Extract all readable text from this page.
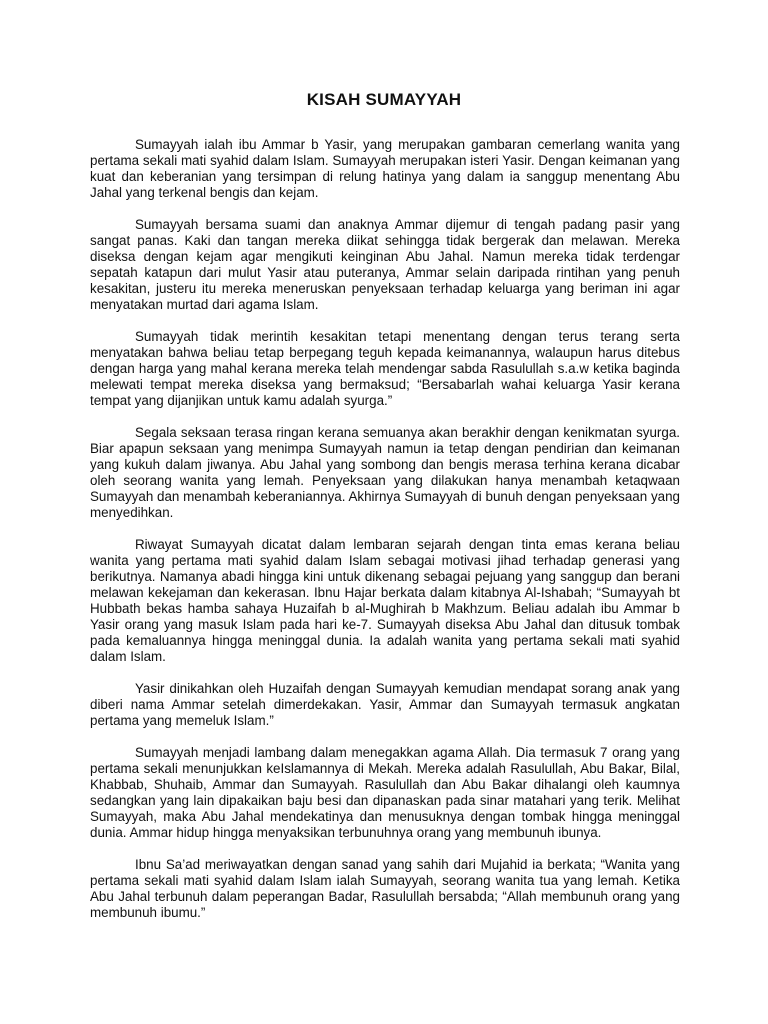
KISAH SUMAYYAH

Sumayyah ialah ibu Ammar b Yasir, yang merupakan gambaran cemerlang wanita yang pertama sekali mati syahid dalam Islam. Sumayyah merupakan isteri Yasir. Dengan keimanan yang kuat dan keberanian yang tersimpan di relung hatinya yang dalam ia sanggup menentang Abu Jahal yang terkenal bengis dan kejam.

Sumayyah bersama suami dan anaknya Ammar dijemur di tengah padang pasir yang sangat panas. Kaki dan tangan mereka diikat sehingga tidak bergerak dan melawan. Mereka diseksa dengan kejam agar mengikuti keinginan Abu Jahal. Namun mereka tidak terdengar sepatah katapun dari mulut Yasir atau puteranya, Ammar selain daripada rintihan yang penuh kesakitan, justeru itu mereka meneruskan penyeksaan terhadap keluarga yang beriman ini agar menyatakan murtad dari agama Islam.

Sumayyah tidak merintih kesakitan tetapi menentang dengan terus terang serta menyatakan bahwa beliau tetap berpegang teguh kepada keimanannya, walaupun harus ditebus dengan harga yang mahal kerana mereka telah mendengar sabda Rasulullah s.a.w ketika baginda melewati tempat mereka diseksa yang bermaksud; “Bersabarlah wahai keluarga Yasir kerana tempat yang dijanjikan untuk kamu adalah syurga.”

Segala seksaan terasa ringan kerana semuanya akan berakhir dengan kenikmatan syurga. Biar apapun seksaan yang menimpa Sumayyah namun ia tetap dengan pendirian dan keimanan yang kukuh dalam jiwanya. Abu Jahal yang sombong dan bengis merasa terhina kerana dicabar oleh seorang wanita yang lemah. Penyeksaan yang dilakukan hanya menambah ketaqwaan Sumayyah dan menambah keberaniannya. Akhirnya Sumayyah di bunuh dengan penyeksaan yang menyedihkan.

Riwayat Sumayyah dicatat dalam lembaran sejarah dengan tinta emas kerana beliau wanita yang pertama mati syahid dalam Islam sebagai motivasi jihad terhadap generasi yang berikutnya. Namanya abadi hingga kini untuk dikenang sebagai pejuang yang sanggup dan berani melawan kekejaman dan kekerasan. Ibnu Hajar berkata dalam kitabnya Al-Ishabah; “Sumayyah bt Hubbath bekas hamba sahaya Huzaifah b al-Mughirah b Makhzum. Beliau adalah ibu Ammar b Yasir orang yang masuk Islam pada hari ke-7. Sumayyah diseksa Abu Jahal dan ditusuk tombak pada kemaluannya hingga meninggal dunia. Ia adalah wanita yang pertama sekali mati syahid dalam Islam.

Yasir dinikahkan oleh Huzaifah dengan Sumayyah kemudian mendapat sorang anak yang diberi nama Ammar setelah dimerdekakan. Yasir, Ammar dan Sumayyah termasuk angkatan pertama yang memeluk Islam.”

Sumayyah menjadi lambang dalam menegakkan agama Allah. Dia termasuk 7 orang yang pertama sekali menunjukkan keIslamannya di Mekah. Mereka adalah Rasulullah, Abu Bakar, Bilal, Khabbab, Shuhaib, Ammar dan Sumayyah. Rasulullah dan Abu Bakar dihalangi oleh kaumnya sedangkan yang lain dipakaikan baju besi dan dipanaskan pada sinar matahari yang terik. Melihat Sumayyah, maka Abu Jahal mendekatinya dan menusuknya dengan tombak hingga meninggal dunia. Ammar hidup hingga menyaksikan terbunuhnya orang yang membunuh ibunya.

Ibnu Sa’ad meriwayatkan dengan sanad yang sahih dari Mujahid ia berkata; “Wanita yang pertama sekali mati syahid dalam Islam ialah Sumayyah, seorang wanita tua yang lemah. Ketika Abu Jahal terbunuh dalam peperangan Badar, Rasulullah bersabda; “Allah membunuh orang yang membunuh ibumu.”
